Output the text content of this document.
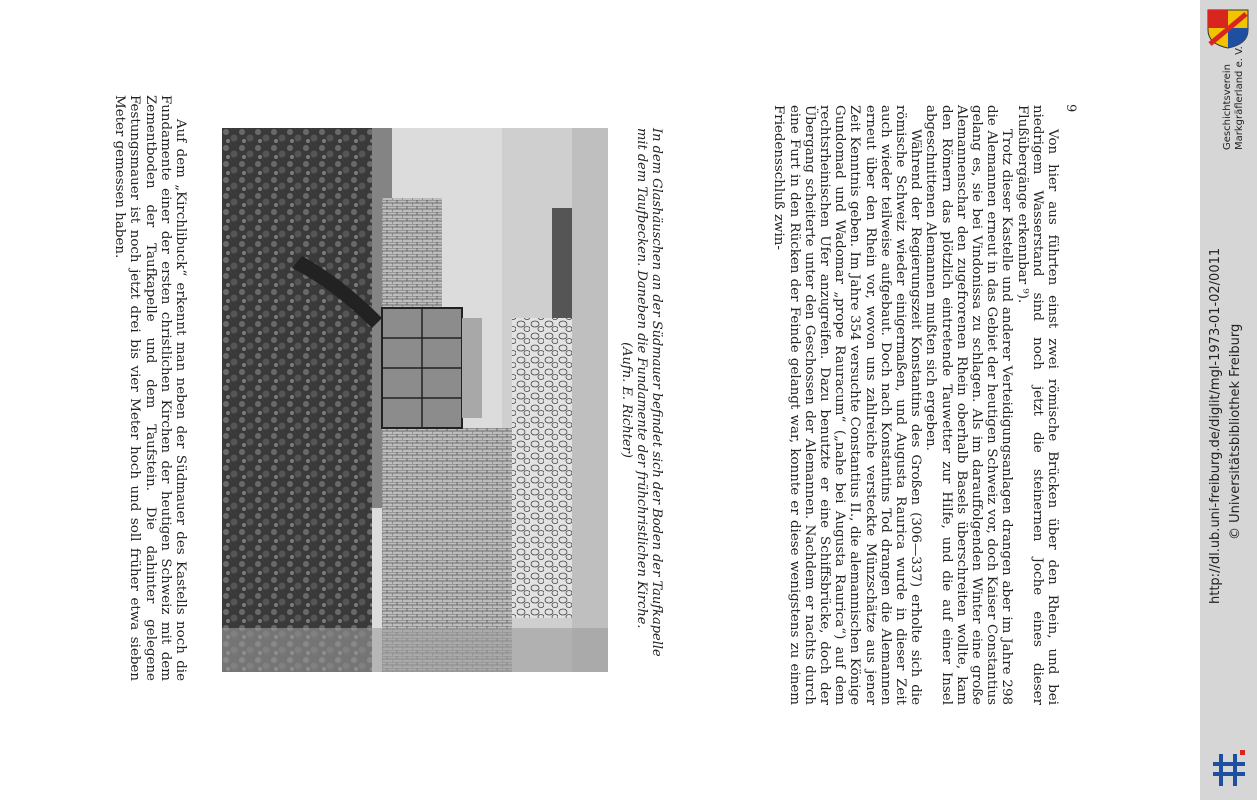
Auf dem „Kirchlibuck“ erkennt man neben der Südmauer des Kastells noch die Fundamente einer der ersten christlichen Kirchen der heutigen Schweiz mit dem Zementboden der Taufkapelle und dem Taufstein. Die dahinter gelegene Festungsmauer ist noch jetzt drei bis vier Meter hoch und soll früher etwa sieben Meter gemessen haben.	In dem Glashäuschen an der Südmauer befindet sich der Boden der Taufkapelle mit dem Taufbecken. Daneben die Fundamente der frühchristlichen Kirche.
(Aufn. E. Richter)	Von hier aus führten einst zwei römische Brücken über den Rhein, und bei niedrigem Wasserstand sind noch jetzt die steinernen Joche eines dieser Flußübergänge erkennbar ⁹).

Trotz dieser Kastelle und anderer Verteidigungsanlagen drangen aber im Jahre 298 die Alemannen erneut in das Gebiet der heutigen Schweiz vor, doch Kaiser Constantius gelang es, sie bei Vindonissa zu schlagen. Als im darauffolgenden Winter eine große Alemannenschar den zugefrorenen Rhein oberhalb Basels überschreiten wollte, kam den Römern das plötzlich eintretende Tauwetter zur Hilfe, und die auf einer Insel abgeschnittenen Alemannen mußten sich ergeben.

Während der Regierungszeit Konstantins des Großen (306—337) erholte sich die römische Schweiz wieder einigermaßen, und Augusta Raurica wurde in dieser Zeit auch wieder teilweise aufgebaut. Doch nach Konstantins Tod drangen die Alemannen erneut über den Rhein vor, wovon uns zahlreiche versteckte Münzschätze aus jener Zeit Kenntnis geben. Im Jahre 354 versuchte Constantius II., die alemannischen Könige Gundomad und Wadomar „prope Rauracum“ („nahe bei Augusta Raurica“) auf dem rechtsrheinischen Ufer anzugreifen. Dazu benutzte er eine Schiffsbrücke, doch der Übergang scheiterte unter den Geschossen der Alemannen. Nachdem er nachts durch eine Furt in den Rücken der Feinde gelangt war, konnte er diese wenigstens zu einem Friedensschluß zwin-	9	Geschichtsverein Markgräflerland e. V.
http://dl.ub.uni-freiburg.de/diglit/mgl-1973-01-02/0011 © Universitätsbibliothek Freiburg
